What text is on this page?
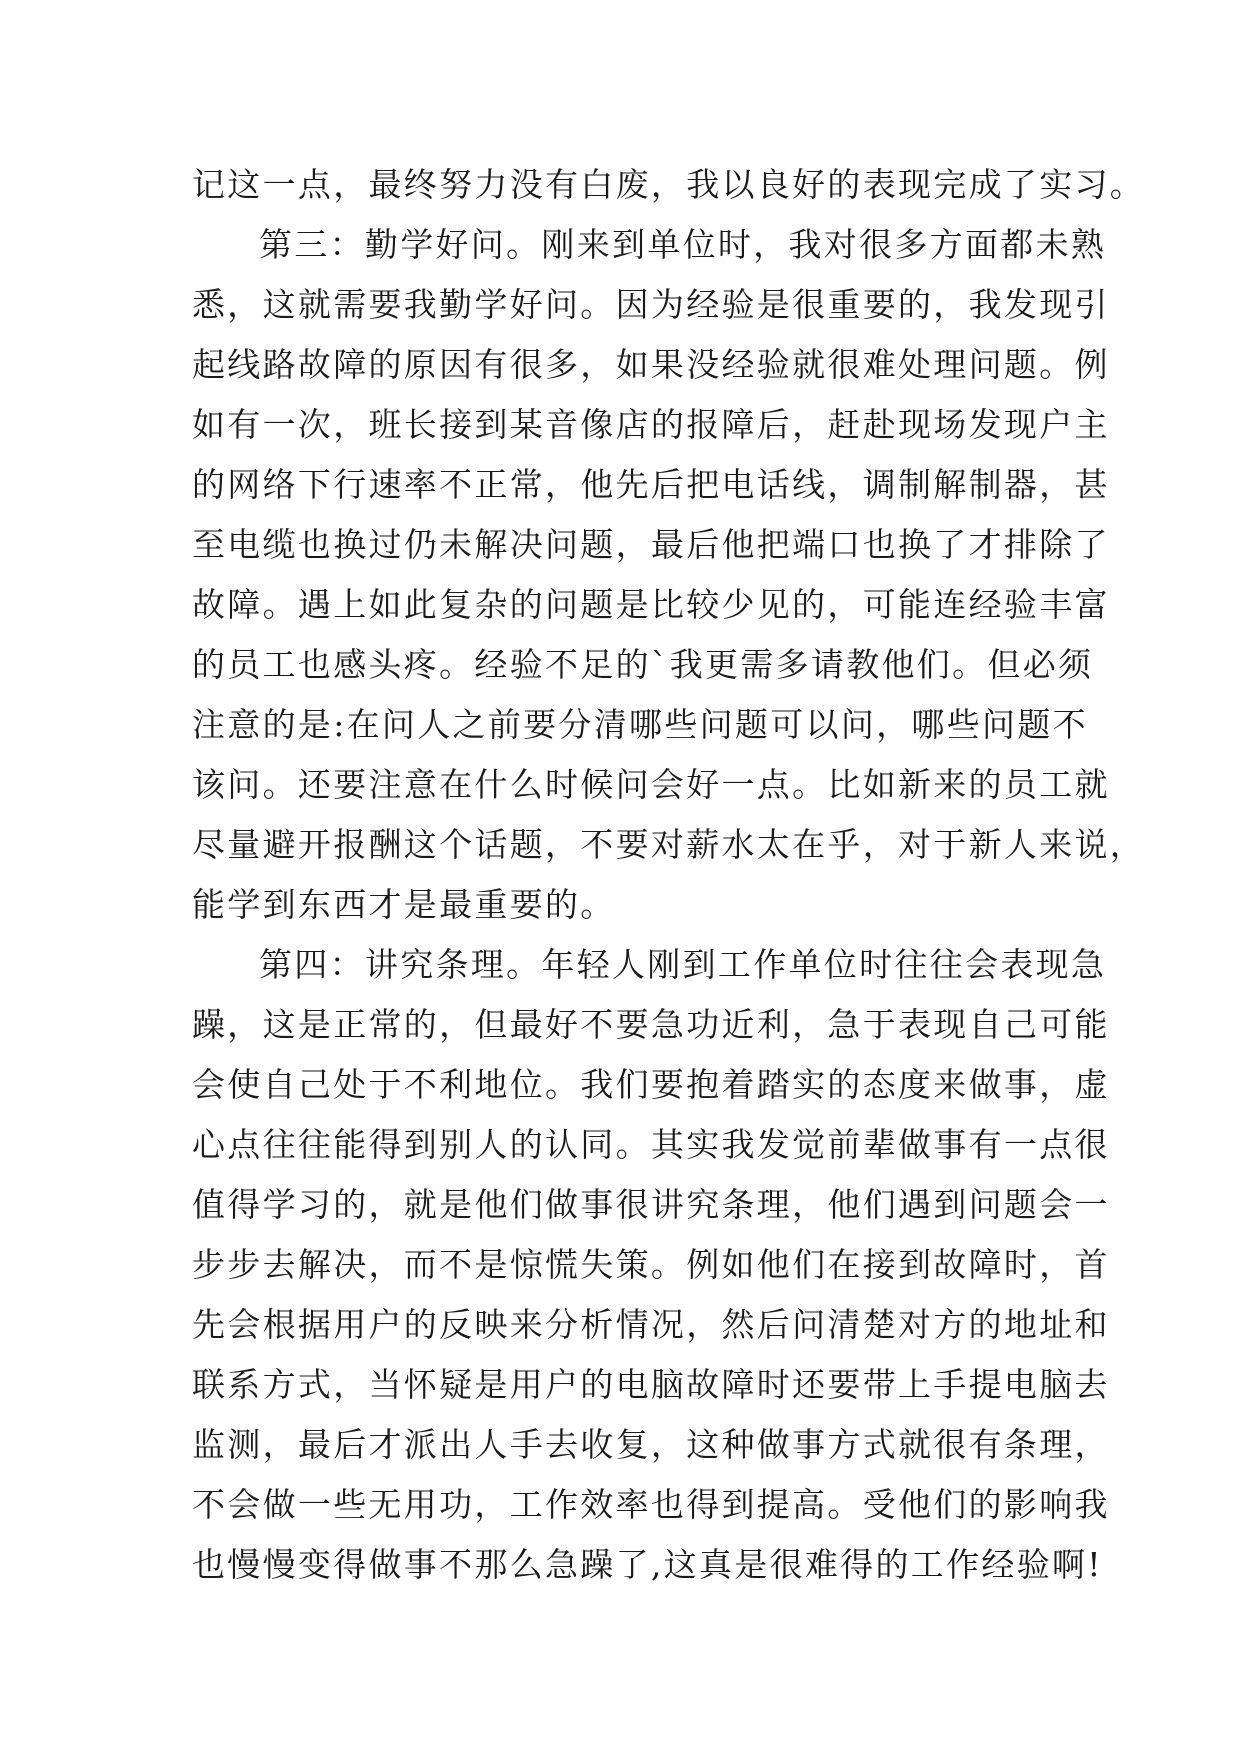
记这一点，最终努力没有白废，我以良好的表现完成了实习。
第三：勤学好问。刚来到单位时，我对很多方面都未熟
悉，这就需要我勤学好问。因为经验是很重要的，我发现引
起线路故障的原因有很多，如果没经验就很难处理问题。例
如有一次，班长接到某音像店的报障后，赶赴现场发现户主
的网络下行速率不正常，他先后把电话线，调制解制器，甚
至电缆也换过仍未解决问题，最后他把端口也换了才排除了
故障。遇上如此复杂的问题是比较少见的，可能连经验丰富
的员工也感头疼。经验不足的`我更需多请教他们。但必须
注意的是:在问人之前要分清哪些问题可以问，哪些问题不
该问。还要注意在什么时候问会好一点。比如新来的员工就
尽量避开报酬这个话题，不要对薪水太在乎，对于新人来说，
能学到东西才是最重要的。
第四：讲究条理。年轻人刚到工作单位时往往会表现急
躁，这是正常的，但最好不要急功近利，急于表现自己可能
会使自己处于不利地位。我们要抱着踏实的态度来做事，虚
心点往往能得到别人的认同。其实我发觉前辈做事有一点很
值得学习的，就是他们做事很讲究条理，他们遇到问题会一
步步去解决，而不是惊慌失策。例如他们在接到故障时，首
先会根据用户的反映来分析情况，然后问清楚对方的地址和
联系方式，当怀疑是用户的电脑故障时还要带上手提电脑去
监测，最后才派出人手去收复，这种做事方式就很有条理，
不会做一些无用功，工作效率也得到提高。受他们的影响我
也慢慢变得做事不那么急躁了,这真是很难得的工作经验啊!
